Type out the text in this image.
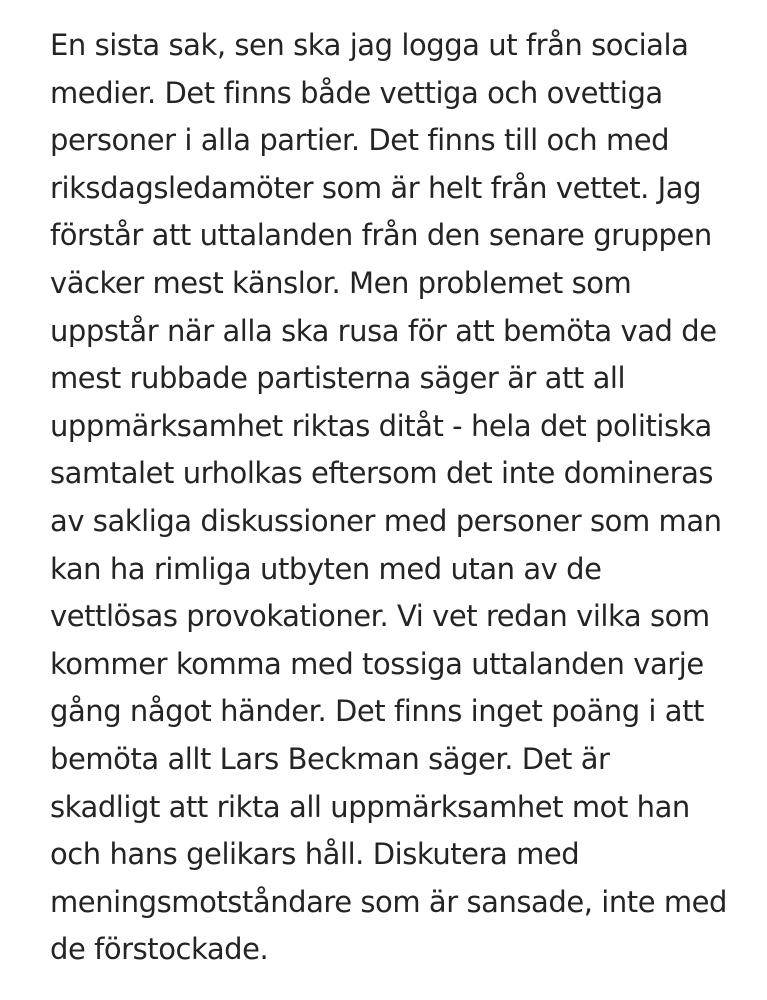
En sista sak, sen ska jag logga ut från sociala
medier. Det finns både vettiga och ovettiga
personer i alla partier. Det finns till och med
riksdagsledamöter som är helt från vettet. Jag
förstår att uttalanden från den senare gruppen
väcker mest känslor. Men problemet som
uppstår när alla ska rusa för att bemöta vad de
mest rubbade partisterna säger är att all
uppmärksamhet riktas ditåt - hela det politiska
samtalet urholkas eftersom det inte domineras
av sakliga diskussioner med personer som man
kan ha rimliga utbyten med utan av de
vettlösas provokationer. Vi vet redan vilka som
kommer komma med tossiga uttalanden varje
gång något händer. Det finns inget poäng i att
bemöta allt Lars Beckman säger. Det är
skadligt att rikta all uppmärksamhet mot han
och hans gelikars håll. Diskutera med
meningsmotståndare som är sansade, inte med
de förstockade.
